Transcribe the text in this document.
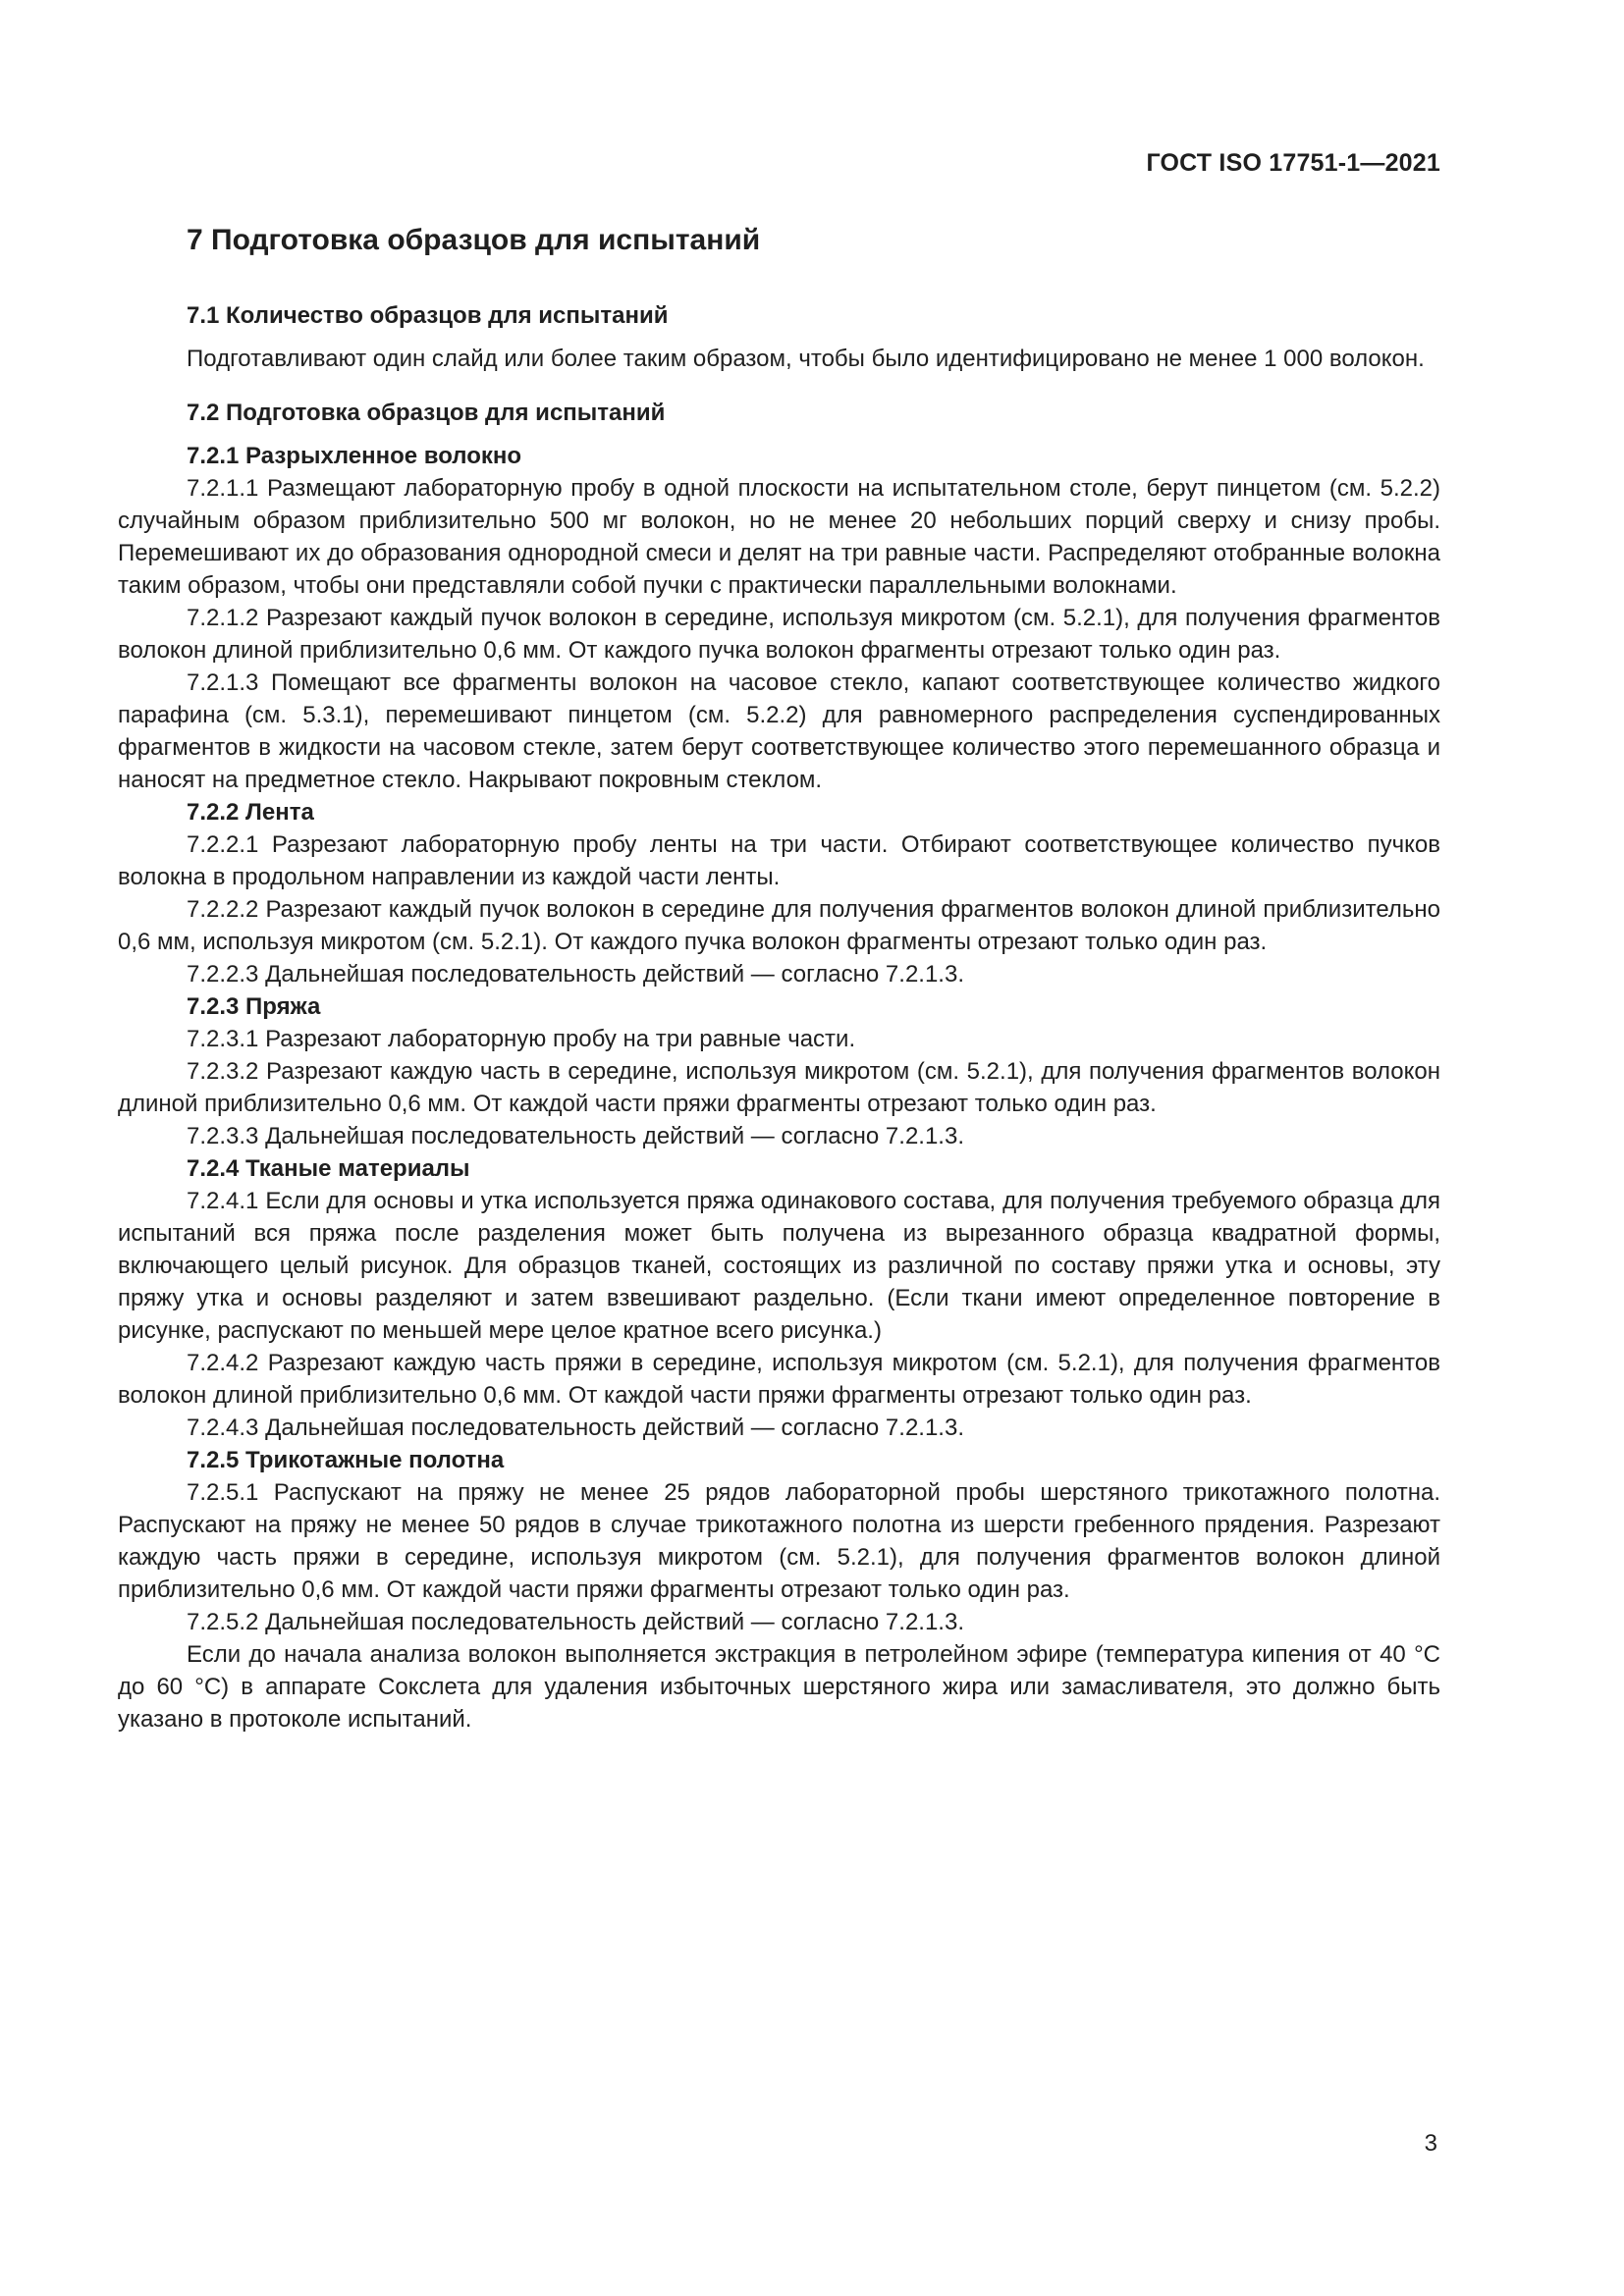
ГОСТ ISO 17751-1—2021
7 Подготовка образцов для испытаний
7.1 Количество образцов для испытаний

Подготавливают один слайд или более таким образом, чтобы было идентифицировано не менее 1 000 волокон.

7.2 Подготовка образцов для испытаний
7.2.1 Разрыхленное волокно

7.2.1.1 Размещают лабораторную пробу в одной плоскости на испытательном столе, берут пинцетом (см. 5.2.2) случайным образом приблизительно 500 мг волокон, но не менее 20 небольших порций сверху и снизу пробы. Перемешивают их до образования однородной смеси и делят на три равные части. Распределяют отобранные волокна таким образом, чтобы они представляли собой пучки с практически параллельными волокнами.

7.2.1.2 Разрезают каждый пучок волокон в середине, используя микротом (см. 5.2.1), для получения фрагментов волокон длиной приблизительно 0,6 мм. От каждого пучка волокон фрагменты отрезают только один раз.

7.2.1.3 Помещают все фрагменты волокон на часовое стекло, капают соответствующее количество жидкого парафина (см. 5.3.1), перемешивают пинцетом (см. 5.2.2) для равномерного распределения суспендированных фрагментов в жидкости на часовом стекле, затем берут соответствующее количество этого перемешанного образца и наносят на предметное стекло. Накрывают покровным стеклом.

7.2.2 Лента

7.2.2.1 Разрезают лабораторную пробу ленты на три части. Отбирают соответствующее количество пучков волокна в продольном направлении из каждой части ленты.

7.2.2.2 Разрезают каждый пучок волокон в середине для получения фрагментов волокон длиной приблизительно 0,6 мм, используя микротом (см. 5.2.1). От каждого пучка волокон фрагменты отрезают только один раз.

7.2.2.3 Дальнейшая последовательность действий — согласно 7.2.1.3.

7.2.3 Пряжа

7.2.3.1 Разрезают лабораторную пробу на три равные части.

7.2.3.2 Разрезают каждую часть в середине, используя микротом (см. 5.2.1), для получения фрагментов волокон длиной приблизительно 0,6 мм. От каждой части пряжи фрагменты отрезают только один раз.

7.2.3.3 Дальнейшая последовательность действий — согласно 7.2.1.3.

7.2.4 Тканые материалы

7.2.4.1 Если для основы и утка используется пряжа одинакового состава, для получения требуемого образца для испытаний вся пряжа после разделения может быть получена из вырезанного образца квадратной формы, включающего целый рисунок. Для образцов тканей, состоящих из различной по составу пряжи утка и основы, эту пряжу утка и основы разделяют и затем взвешивают раздельно. (Если ткани имеют определенное повторение в рисунке, распускают по меньшей мере целое кратное всего рисунка.)

7.2.4.2 Разрезают каждую часть пряжи в середине, используя микротом (см. 5.2.1), для получения фрагментов волокон длиной приблизительно 0,6 мм. От каждой части пряжи фрагменты отрезают только один раз.

7.2.4.3 Дальнейшая последовательность действий — согласно 7.2.1.3.

7.2.5 Трикотажные полотна

7.2.5.1 Распускают на пряжу не менее 25 рядов лабораторной пробы шерстяного трикотажного полотна. Распускают на пряжу не менее 50 рядов в случае трикотажного полотна из шерсти гребенного прядения. Разрезают каждую часть пряжи в середине, используя микротом (см. 5.2.1), для получения фрагментов волокон длиной приблизительно 0,6 мм. От каждой части пряжи фрагменты отрезают только один раз.

7.2.5.2 Дальнейшая последовательность действий — согласно 7.2.1.3.

Если до начала анализа волокон выполняется экстракция в петролейном эфире (температура кипения от 40 °C до 60 °C) в аппарате Сокслета для удаления избыточных шерстяного жира или замасливателя, это должно быть указано в протоколе испытаний.

3
